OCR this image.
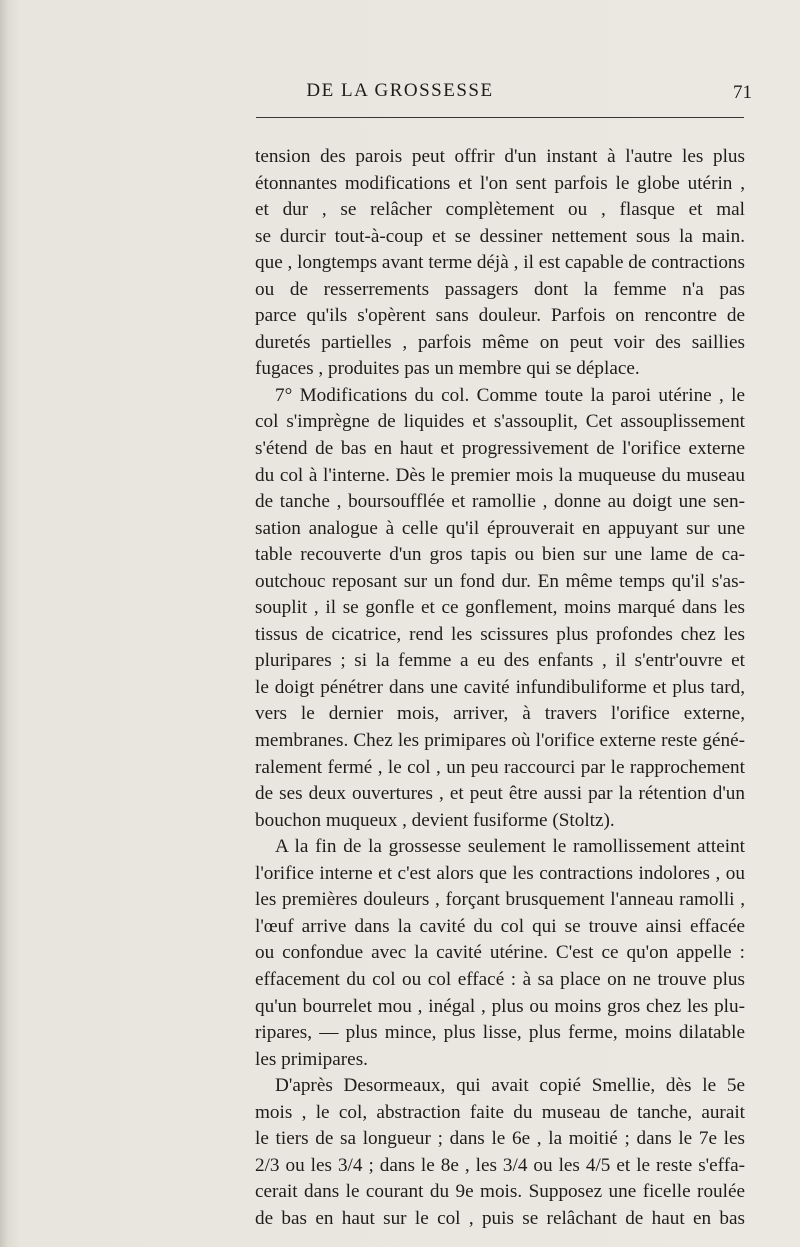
DE LA GROSSESSE	71
tension des parois peut offrir d'un instant à l'autre les plus
étonnantes modifications et l'on sent parfois le globe utérin ,
et dur , se relâcher complètement ou , flasque et mal
se durcir tout-à-coup et se dessiner nettement sous la main.
que , longtemps avant terme déjà , il est capable de contractions
ou de resserrements passagers dont la femme n'a pas
parce qu'ils s'opèrent sans douleur. Parfois on rencontre de
duretés partielles , parfois même on peut voir des saillies
fugaces , produites pas un membre qui se déplace.
7° Modifications du col. Comme toute la paroi utérine , le
col s'imprègne de liquides et s'assouplit, Cet assouplissement
s'étend de bas en haut et progressivement de l'orifice externe
du col à l'interne. Dès le premier mois la muqueuse du museau
de tanche , boursoufflée et ramollie , donne au doigt une sen-
sation analogue à celle qu'il éprouverait en appuyant sur une
table recouverte d'un gros tapis ou bien sur une lame de ca-
outchouc reposant sur un fond dur. En même temps qu'il s'as-
souplit , il se gonfle et ce gonflement, moins marqué dans les
tissus de cicatrice, rend les scissures plus profondes chez les
pluripares ; si la femme a eu des enfants , il s'entr'ouvre et
le doigt pénétrer dans une cavité infundibuliforme et plus tard,
vers le dernier mois, arriver, à travers l'orifice externe,
membranes. Chez les primipares où l'orifice externe reste géné-
ralement fermé , le col , un peu raccourci par le rapprochement
de ses deux ouvertures , et peut être aussi par la rétention d'un
bouchon muqueux , devient fusiforme (Stoltz).
A la fin de la grossesse seulement le ramollissement atteint
l'orifice interne et c'est alors que les contractions indolores , ou
les premières douleurs , forçant brusquement l'anneau ramolli ,
l'œuf arrive dans la cavité du col qui se trouve ainsi effacée
ou confondue avec la cavité utérine. C'est ce qu'on appelle :
effacement du col ou col effacé : à sa place on ne trouve plus
qu'un bourrelet mou , inégal , plus ou moins gros chez les plu-
ripares, — plus mince, plus lisse, plus ferme, moins dilatable
les primipares.
D'après Desormeaux, qui avait copié Smellie, dès le 5e
mois , le col, abstraction faite du museau de tanche, aurait
le tiers de sa longueur ; dans le 6e , la moitié ; dans le 7e les
2/3 ou les 3/4 ; dans le 8e , les 3/4 ou les 4/5 et le reste s'effa-
cerait dans le courant du 9e mois. Supposez une ficelle roulée
de bas en haut sur le col , puis se relâchant de haut en bas
